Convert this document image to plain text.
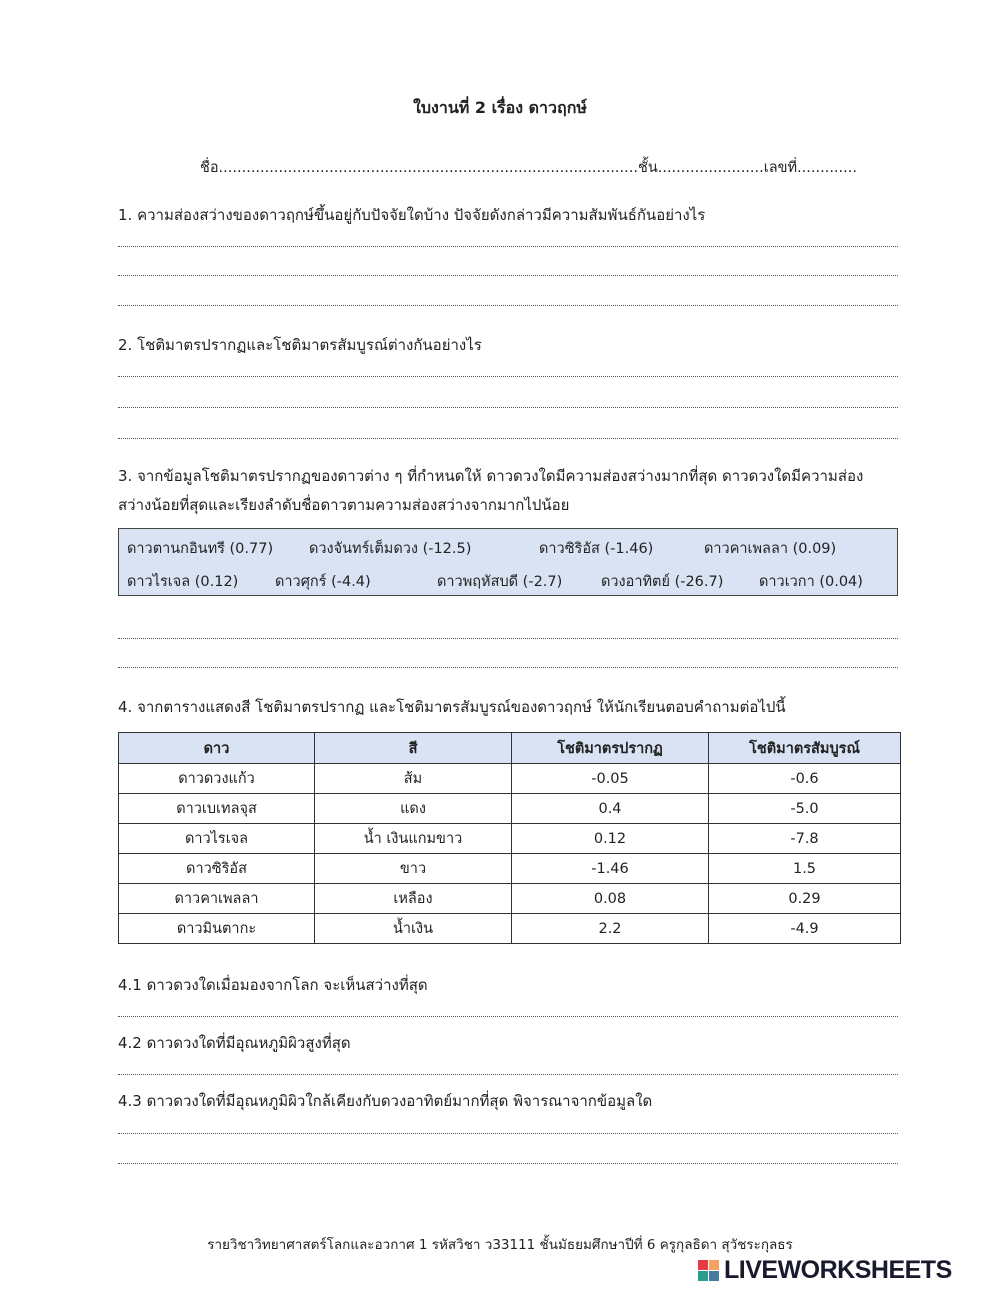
ใบงานที่ 2 เรื่อง ดาวฤกษ์
ชื่อ...........................................................................................ชั้น.......................เลขที่.............
1. ความส่องสว่างของดาวฤกษ์ขึ้นอยู่กับปัจจัยใดบ้าง ปัจจัยดังกล่าวมีความสัมพันธ์กันอย่างไร
2. โชติมาตรปรากฏและโชติมาตรสัมบูรณ์ต่างกันอย่างไร
3. จากข้อมูลโชติมาตรปรากฏของดาวต่าง ๆ ที่กำหนดให้ ดาวดวงใดมีความส่องสว่างมากที่สุด ดาวดวงใดมีความส่อง
สว่างน้อยที่สุดและเรียงลำดับชื่อดาวตามความส่องสว่างจากมากไปน้อย
ดาวตานกอินทรี (0.77) ดวงจันทร์เต็มดวง (-12.5)	ดาวซิริอัส (-1.46)	ดาวคาเพลลา (0.09)
ดาวไรเจล (0.12)	ดาวศุกร์ (-4.4)	ดาวพฤหัสบดี (-2.7)	ดวงอาทิตย์ (-26.7) ดาวเวกา (0.04)
4. จากตารางแสดงสี โชติมาตรปรากฏ และโชติมาตรสัมบูรณ์ของดาวฤกษ์ ให้นักเรียนตอบคำถามต่อไปนี้
ดาว	สี	โชติมาตรปรากฏ	โชติมาตรสัมบูรณ์
ดาวดวงแก้ว	ส้ม	-0.05	-0.6
ดาวเบเทลจุส	แดง	0.4	-5.0
ดาวไรเจล	น้ำ เงินแกมขาว	0.12	-7.8
ดาวซิริอัส	ขาว	-1.46	1.5
ดาวคาเพลลา	เหลือง	0.08	0.29
ดาวมินตากะ	น้ำเงิน	2.2	-4.9
4.1 ดาวดวงใดเมื่อมองจากโลก จะเห็นสว่างที่สุด
4.2 ดาวดวงใดที่มีอุณหภูมิผิวสูงที่สุด
4.3 ดาวดวงใดที่มีอุณหภูมิผิวใกล้เคียงกับดวงอาทิตย์มากที่สุด พิจารณาจากข้อมูลใด
รายวิชาวิทยาศาสตร์โลกและอวกาศ 1 รหัสวิชา ว33111 ชั้นมัธยมศึกษาปีที่ 6 ครูกุลธิดา สุวัชระกุลธร
LIVEWORKSHEETS
